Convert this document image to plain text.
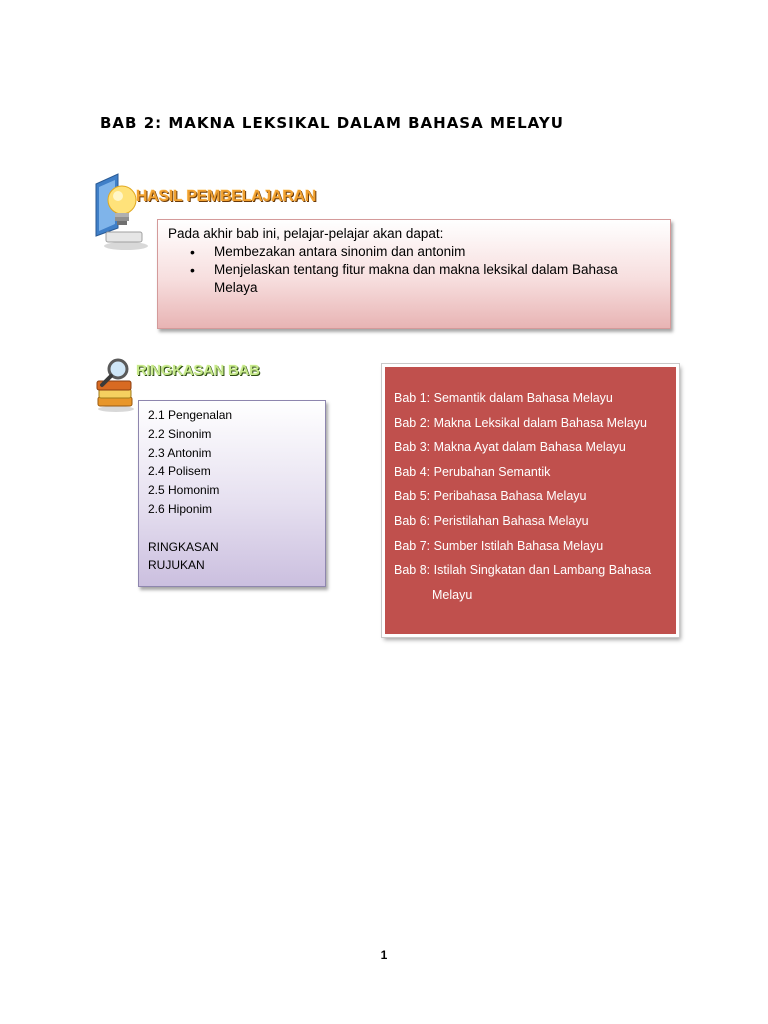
BAB 2: MAKNA LEKSIKAL DALAM BAHASA MELAYU
HASIL PEMBELAJARAN
Pada akhir bab ini, pelajar-pelajar akan dapat:
• Membezakan antara sinonim dan antonim
• Menjelaskan tentang fitur makna dan makna leksikal dalam Bahasa Melaya
RINGKASAN BAB
2.1 Pengenalan
2.2 Sinonim
2.3 Antonim
2.4 Polisem
2.5 Homonim
2.6 Hiponim
RINGKASAN
RUJUKAN
Bab 1: Semantik dalam Bahasa Melayu
Bab 2: Makna Leksikal dalam Bahasa Melayu
Bab 3: Makna Ayat dalam Bahasa Melayu
Bab 4: Perubahan Semantik
Bab 5: Peribahasa Bahasa Melayu
Bab 6: Peristilahan Bahasa Melayu
Bab 7: Sumber Istilah Bahasa Melayu
Bab 8: Istilah Singkatan dan Lambang Bahasa
Melayu
1
